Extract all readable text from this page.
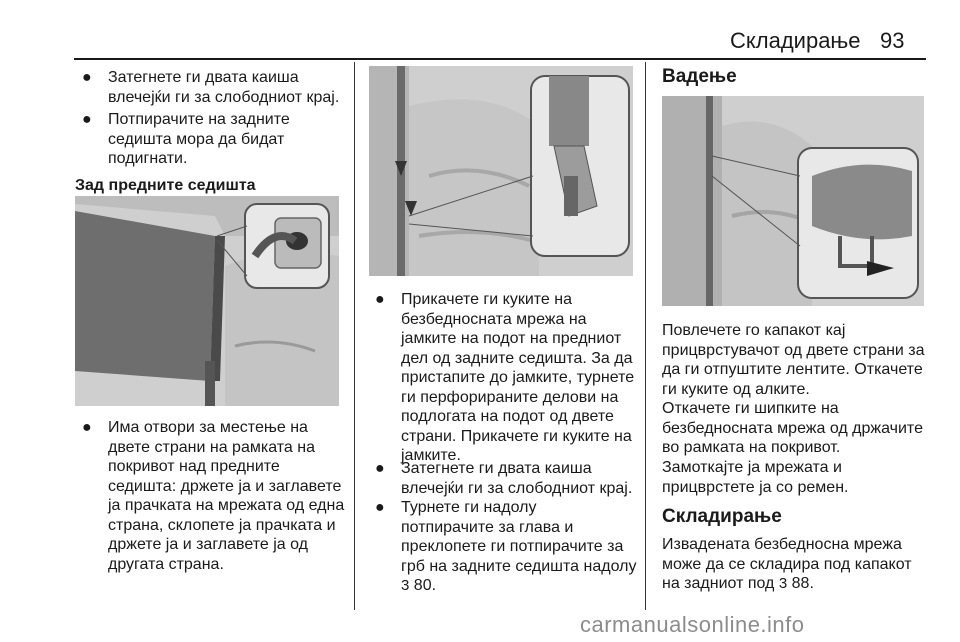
Складирање 93
● Затегнете ги двата каиша
влечејќи ги за слободниот крај.
● Потпирачите на задните
седишта мора да бидат
подигнати.
Зад предните седишта
● Има отвори за местење на
двете страни на рамката на
покривот над предните
седишта: држете ја и заглавете
ја прачката на мрежата од една
страна, склопете ја прачката и
држете ја и заглавете ја од
другата страна.
● Прикачете ги куките на
безбедносната мрежа на
јамките на подот на предниот
дел од задните седишта. За да
пристапите до јамките, турнете
ги перфорираните делови на
подлогата на подот од двете
страни. Прикачете ги куките на
јамките.
● Затегнете ги двата каиша
влечејќи ги за слободниот крај.
● Турнете ги надолу
потпирачите за глава и
преклопете ги потпирачите за
грб на задните седишта надолу
3 80.
Вадење
Повлечете го капакот кај
прицврстувачот од двете страни за
да ги отпуштите лентите. Откачете
ги куките од алките.
Откачете ги шипките на
безбедносната мрежа од држачите
во рамката на покривот.
Замоткајте ја мрежата и
прицврстете ја со ремен.
Складирање
Извадената безбедносна мрежа
може да се складира под капакот
на задниот под 3 88.
carmanualsonline.info
